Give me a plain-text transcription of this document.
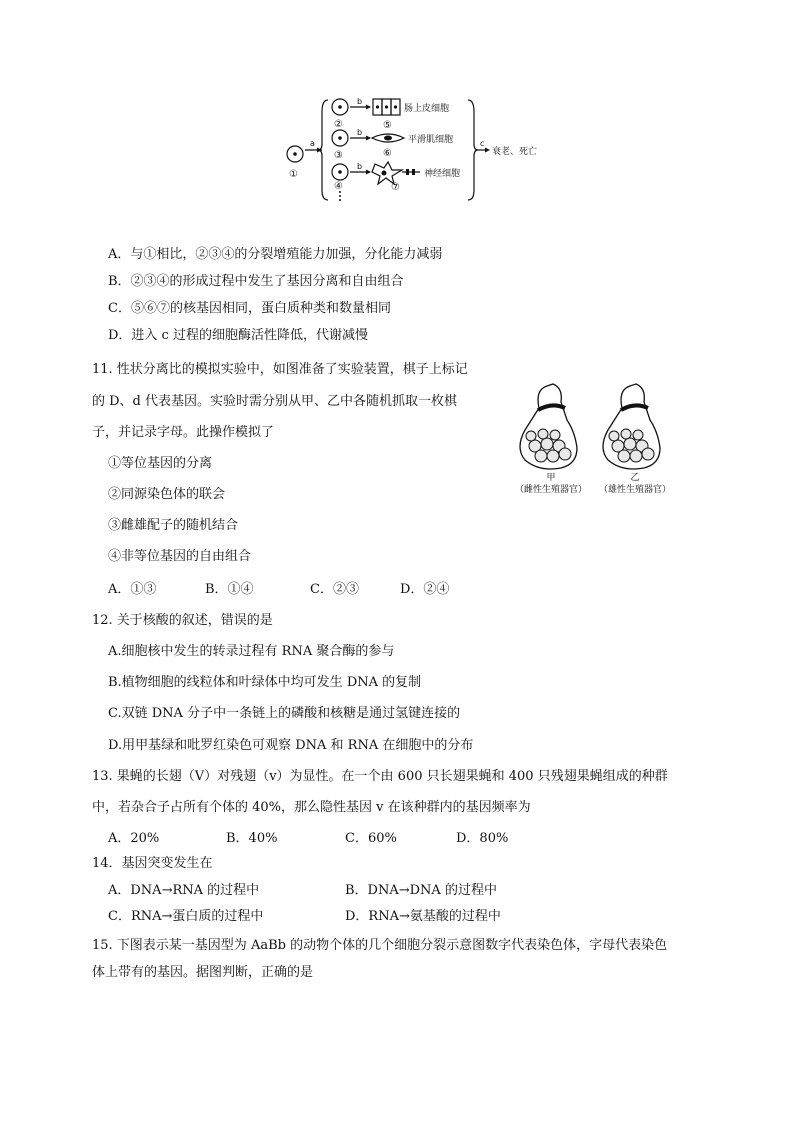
①
a
②
③
④
b
b
b
⑤
⑥
⑦
肠上皮细胞
平滑肌细胞
神经细胞
c
衰老、死亡
A．与①相比，②③④的分裂增殖能力加强，分化能力减弱
B．②③④的形成过程中发生了基因分离和自由组合
C．⑤⑥⑦的核基因相同，蛋白质种类和数量相同
D．进入 c 过程的细胞酶活性降低，代谢减慢
11. 性状分离比的模拟实验中，如图准备了实验装置，棋子上标记
的 D、d 代表基因。实验时需分别从甲、乙中各随机抓取一枚棋
子，并记录字母。此操作模拟了
①等位基因的分离
②同源染色体的联会
③雌雄配子的随机结合
④非等位基因的自由组合
A．①③	B．①④	C．②③	D．②④
甲
（雌性生殖器官）
乙
（雄性生殖器官）
12. 关于核酸的叙述，错误的是
A.细胞核中发生的转录过程有 RNA 聚合酶的参与
B.植物细胞的线粒体和叶绿体中均可发生 DNA 的复制
C.双链 DNA 分子中一条链上的磷酸和核糖是通过氢键连接的
D.用甲基绿和吡罗红染色可观察 DNA 和 RNA 在细胞中的分布
13. 果蝇的长翅（V）对残翅（v）为显性。在一个由 600 只长翅果蝇和 400 只残翅果蝇组成的种群
中，若杂合子占所有个体的 40%，那么隐性基因 v 在该种群内的基因频率为
A．20%	B．40%	C．60%	D．80%
14．基因突变发生在
A．DNA→RNA 的过程中	B．DNA→DNA 的过程中
C．RNA→蛋白质的过程中	D．RNA→氨基酸的过程中
15. 下图表示某一基因型为 AaBb 的动物个体的几个细胞分裂示意图数字代表染色体，字母代表染色
体上带有的基因。据图判断，正确的是
